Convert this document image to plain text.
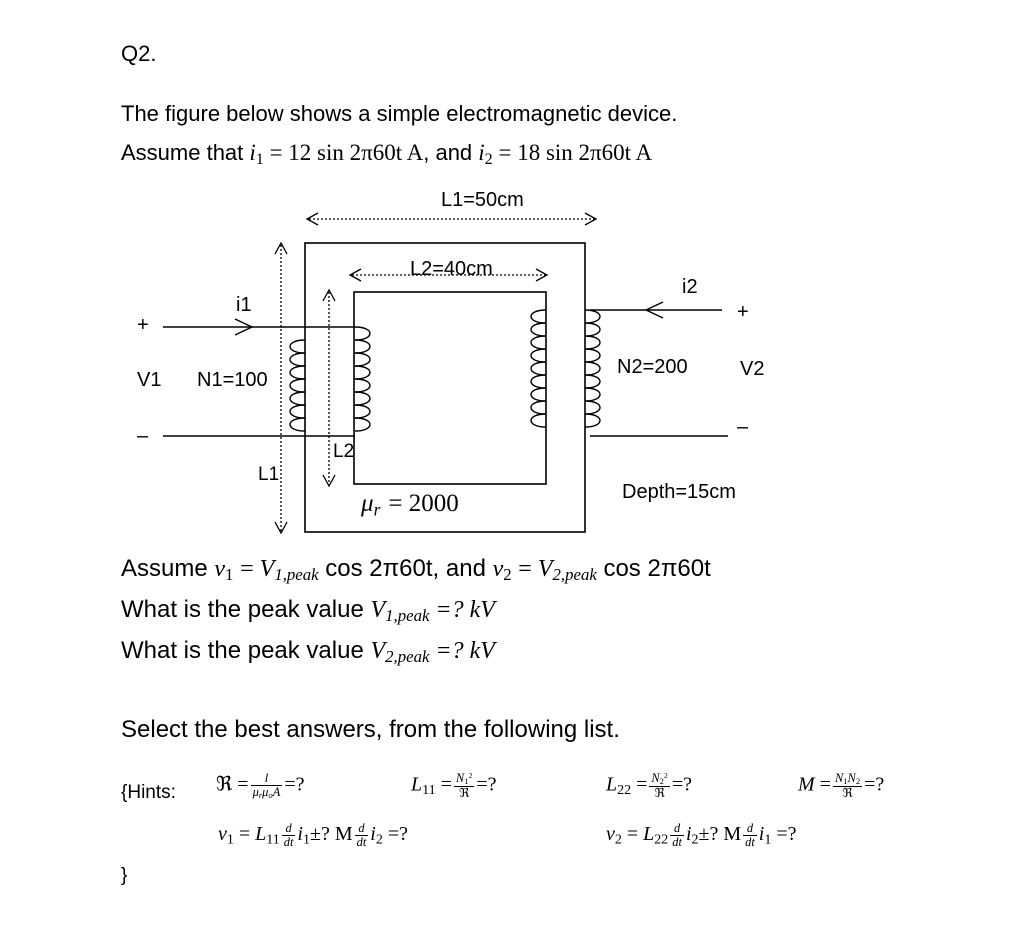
Q2.
The figure below shows a simple electromagnetic device.
Assume that $i_1 = 12$ sin 2π60t A, and $i_2 = 18$ sin 2π60t A
L1=50cm
L2=40cm
L1
L2
i1
i2
+
–
+
–
V1 N1=100
N2=200	V2
Depth=15cm
μr = 2000
Assume $v_1$ = V1,peak cos 2π60t, and $v_2$ = V2,peak cos 2π60t
What is the peak value V1,peak =? kV
What is the peak value V2,peak =? kV
Select the best answers, from the following list.
{Hints: ℜ = $\frac{l}{\text{μrμoA}}$ =?	$L_{11} = \frac{N_1^2}{\text{ℜ}}$ =?	$L_{22} = \frac{N_2^2}{\text{ℜ}}$ =?	$M = \frac{N_1N_2}{\text{ℜ}}$ =?
$v_1 = L_{11} \frac{d}{dt} i_1\pm$? M $\frac{d}{dt} i_2$ =?	$v_2 = L_{22} \frac{d}{dt} i_2\pm$? M $\frac{d}{dt} i_1$ =?
}
